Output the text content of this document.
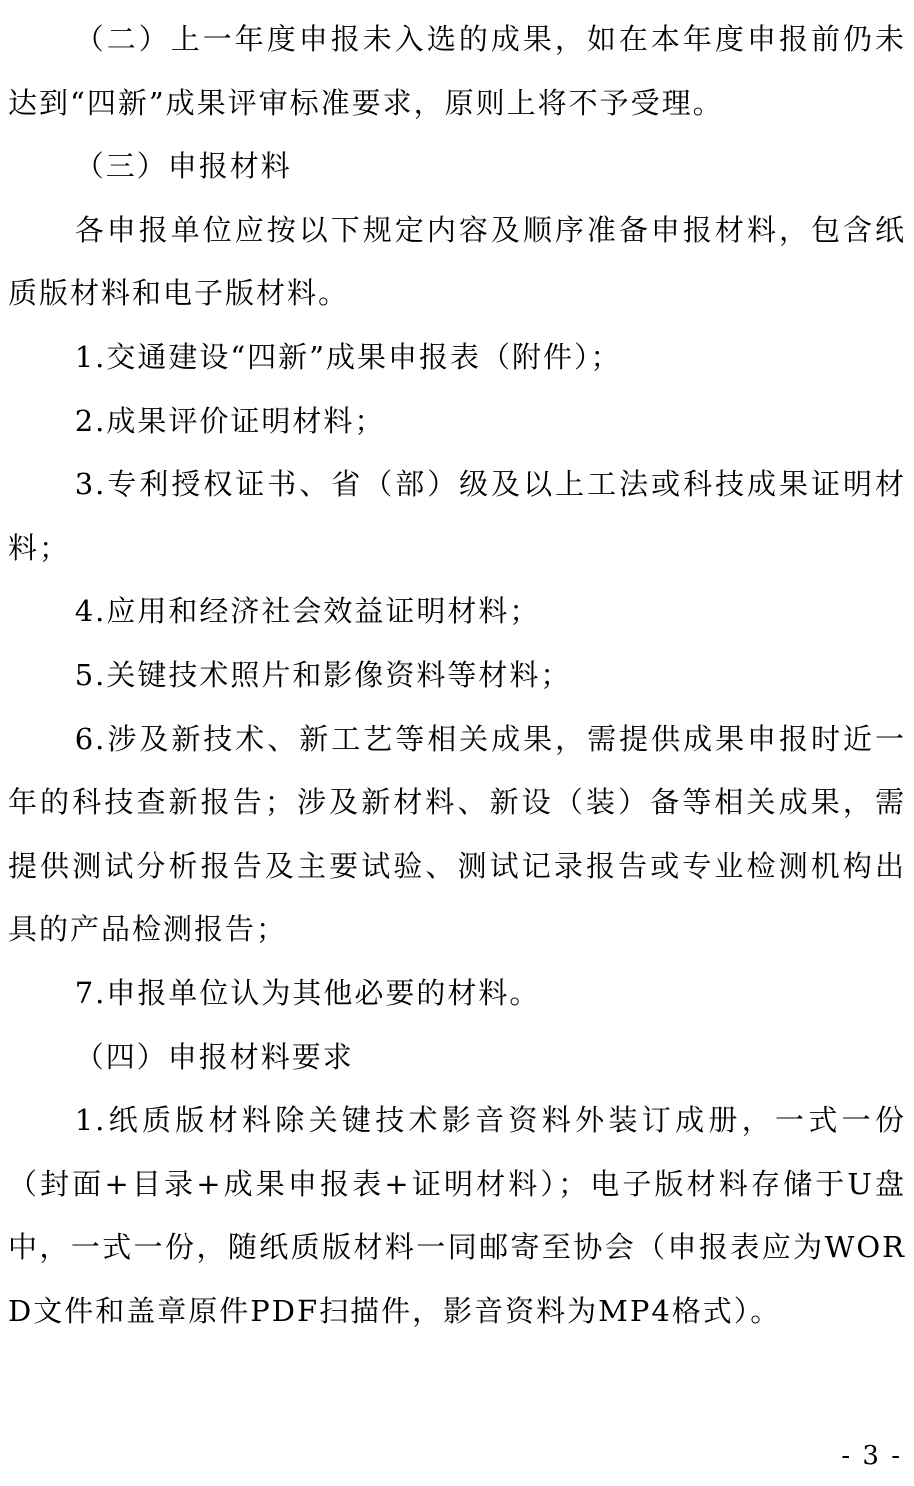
（二）上一年度申报未入选的成果，如在本年度申报前仍未达到“四新”成果评审标准要求，原则上将不予受理。

（三）申报材料

各申报单位应按以下规定内容及顺序准备申报材料，包含纸质版材料和电子版材料。

1.交通建设“四新”成果申报表（附件）；

2.成果评价证明材料；

3.专利授权证书、省（部）级及以上工法或科技成果证明材料；

4.应用和经济社会效益证明材料；

5.关键技术照片和影像资料等材料；

6.涉及新技术、新工艺等相关成果，需提供成果申报时近一年的科技查新报告；涉及新材料、新设（装）备等相关成果，需提供测试分析报告及主要试验、测试记录报告或专业检测机构出具的产品检测报告；

7.申报单位认为其他必要的材料。

（四）申报材料要求

1.纸质版材料除关键技术影音资料外装订成册，一式一份（封面+目录+成果申报表+证明材料）；电子版材料存储于U盘中，一式一份，随纸质版材料一同邮寄至协会（申报表应为WORD文件和盖章原件PDF扫描件，影音资料为MP4格式）。

- 3 -
